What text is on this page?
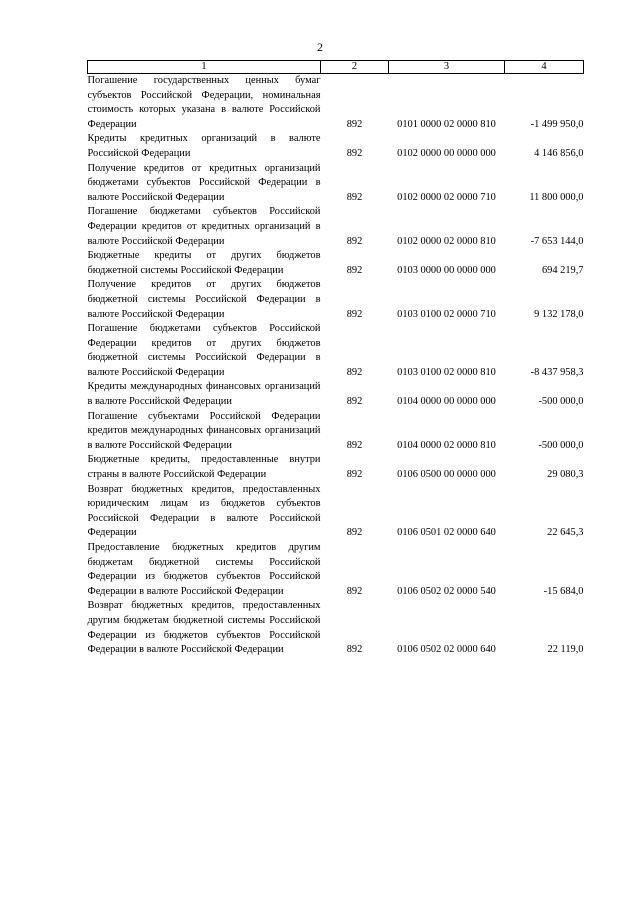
2
1	2	3	4
Погашение государственных ценных бумаг субъектов Российской Федерации, номинальная стоимость которых указана в валюте Российской Федерации	892	0101 0000 02 0000 810	-1 499 950,0
Кредиты кредитных организаций в валюте Российской Федерации	892	0102 0000 00 0000 000	4 146 856,0
Получение кредитов от кредитных организаций бюджетами субъектов Российской Федерации в валюте Российской Федерации	892	0102 0000 02 0000 710	11 800 000,0
Погашение бюджетами субъектов Российской Федерации кредитов от кредитных организаций в валюте Российской Федерации	892	0102 0000 02 0000 810	-7 653 144,0
Бюджетные кредиты от других бюджетов бюджетной системы Российской Федерации	892	0103 0000 00 0000 000	694 219,7
Получение кредитов от других бюджетов бюджетной системы Российской Федерации в валюте Российской Федерации	892	0103 0100 02 0000 710	9 132 178,0
Погашение бюджетами субъектов Российской Федерации кредитов от других бюджетов бюджетной системы Российской Федерации в валюте Российской Федерации	892	0103 0100 02 0000 810	-8 437 958,3
Кредиты международных финансовых организаций в валюте Российской Федерации	892	0104 0000 00 0000 000	-500 000,0
Погашение субъектами Российской Федерации кредитов международных финансовых организаций в валюте Российской Федерации	892	0104 0000 02 0000 810	-500 000,0
Бюджетные кредиты, предоставленные внутри страны в валюте Российской Федерации	892	0106 0500 00 0000 000	29 080,3
Возврат бюджетных кредитов, предоставленных юридическим лицам из бюджетов субъектов Российской Федерации в валюте Российской Федерации	892	0106 0501 02 0000 640	22 645,3
Предоставление бюджетных кредитов другим бюджетам бюджетной системы Российской Федерации из бюджетов субъектов Российской Федерации в валюте Российской Федерации	892	0106 0502 02 0000 540	-15 684,0
Возврат бюджетных кредитов, предоставленных другим бюджетам бюджетной системы Российской Федерации из бюджетов субъектов Российской Федерации в валюте Российской Федерации	892	0106 0502 02 0000 640	22 119,0
